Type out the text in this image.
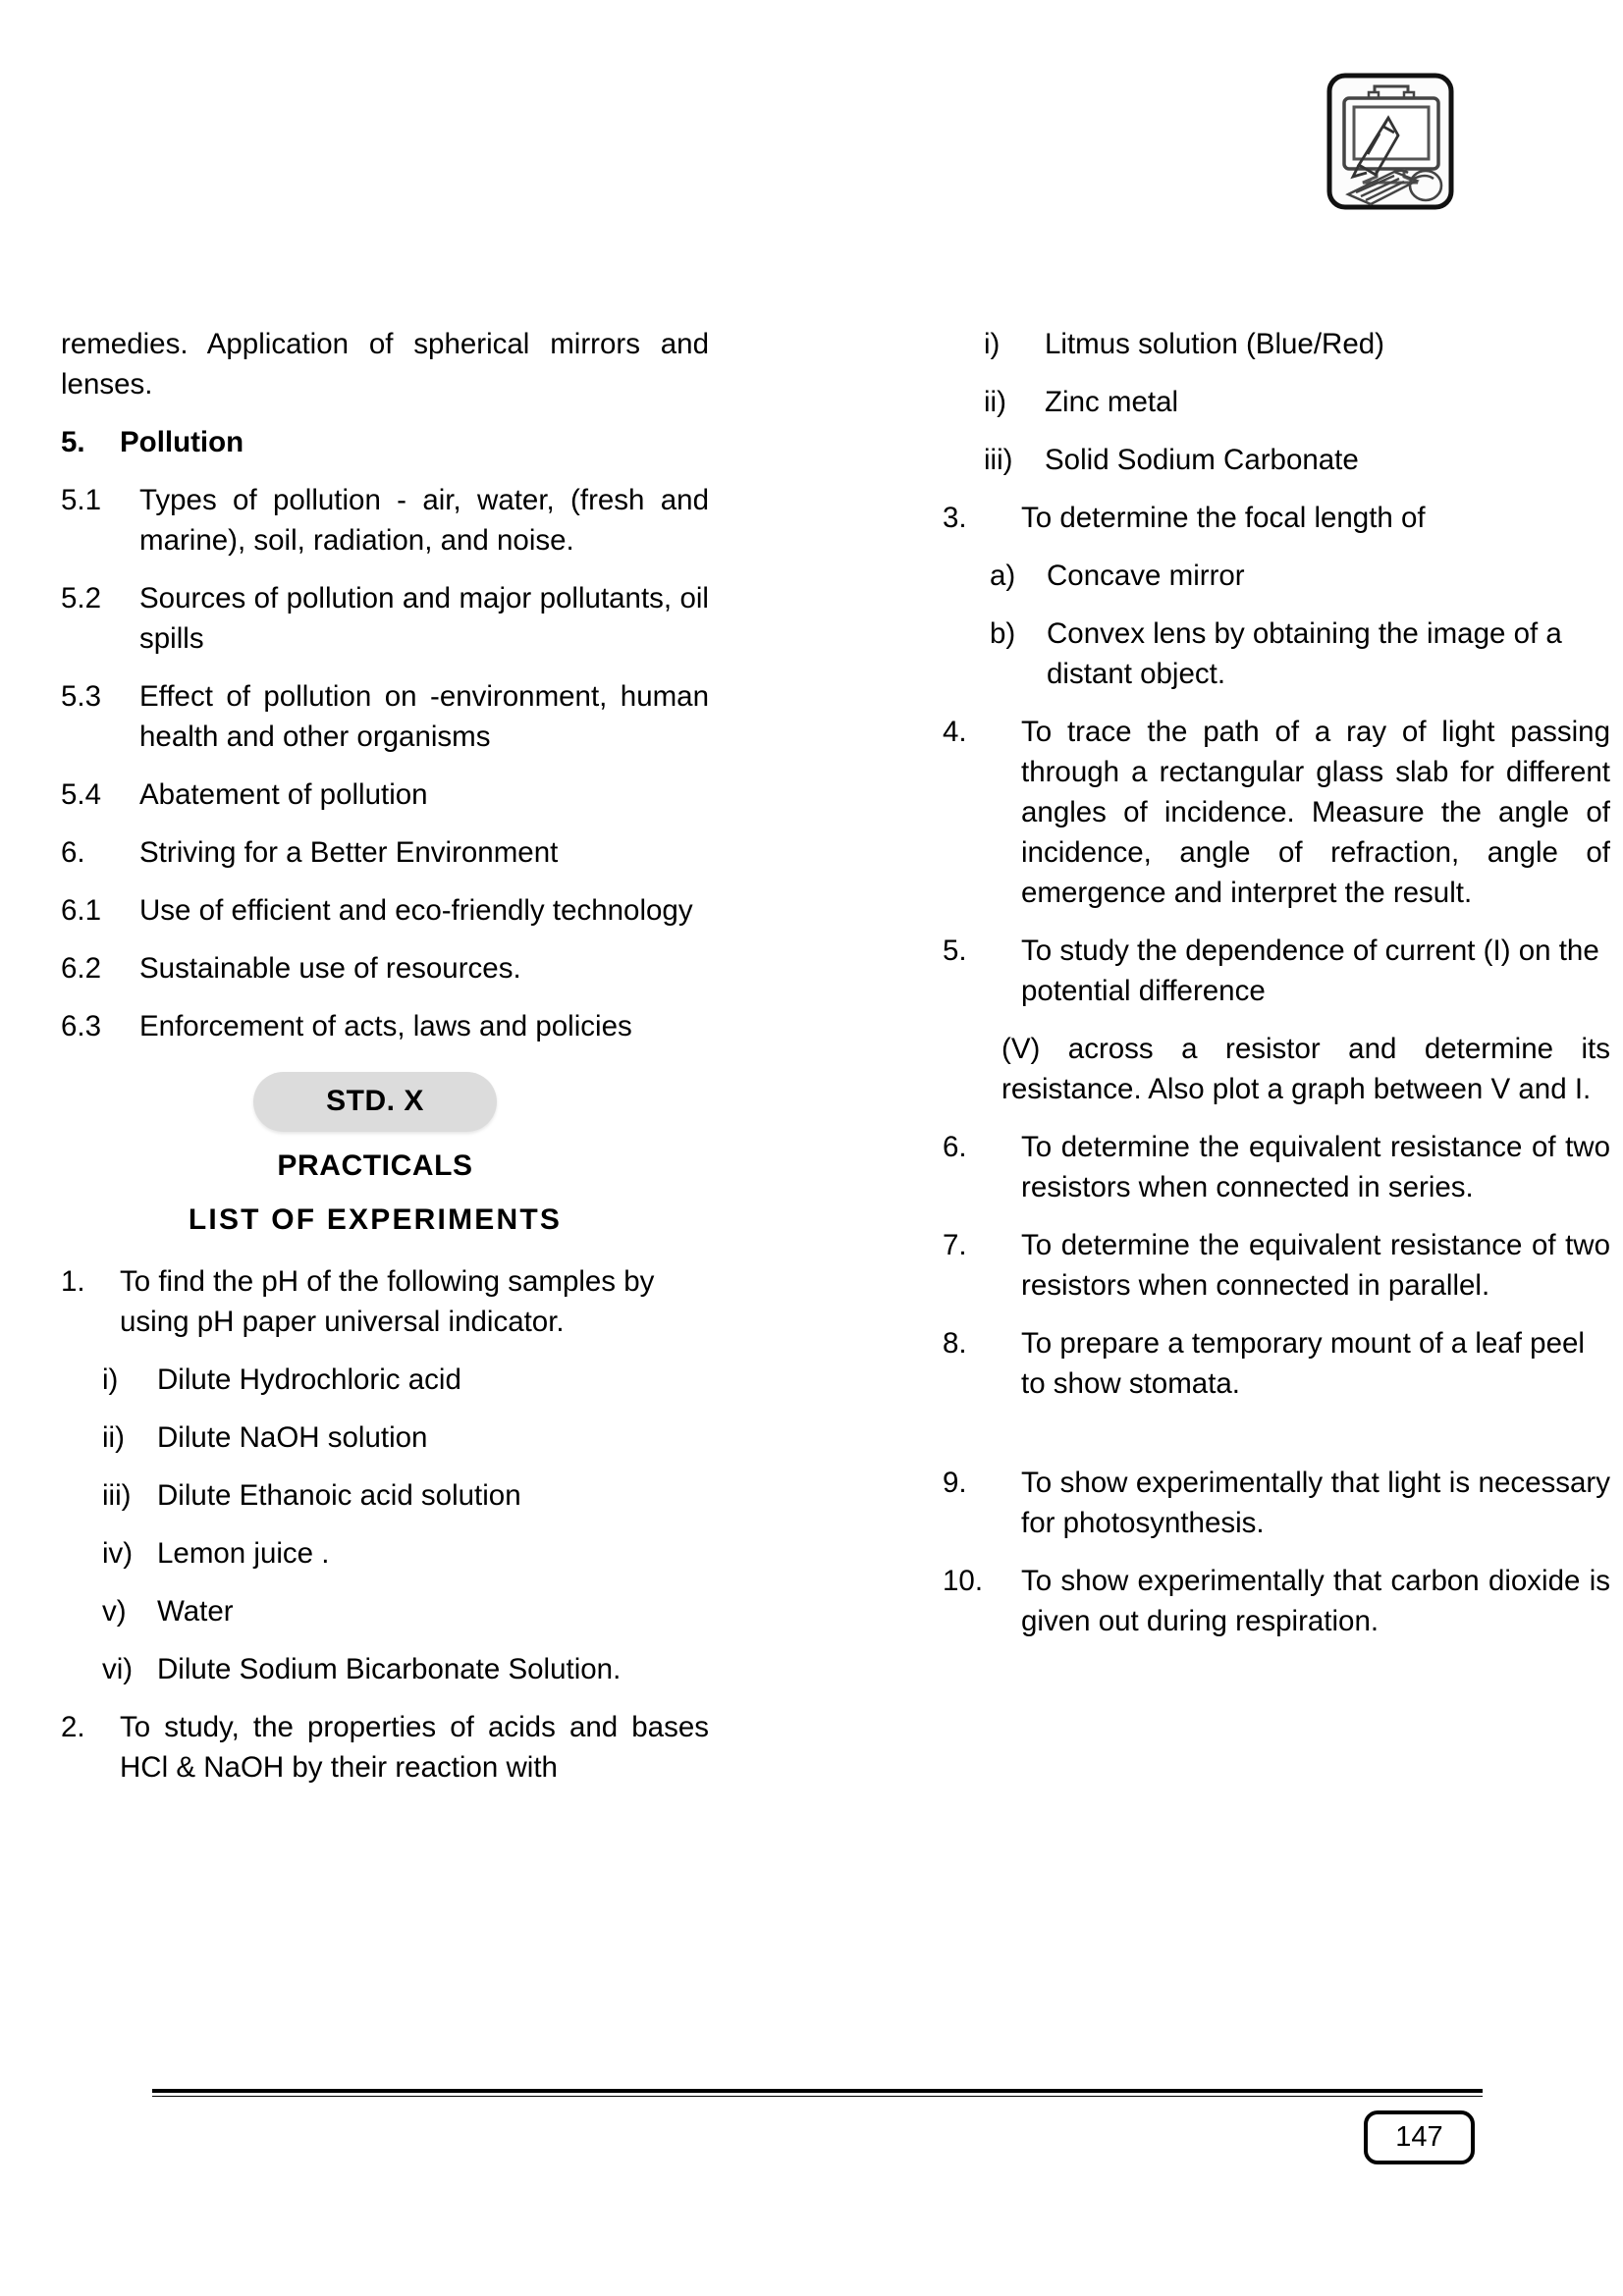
remedies. Application of spherical mirrors and lenses.
5.	Pollution
5.1	Types of pollution - air, water, (fresh and marine), soil, radiation, and noise.
5.2	Sources of pollution and major pollutants, oil spills
5.3	Effect of pollution on -environment, human health and other organisms
5.4	Abatement of pollution
6.	Striving for a Better Environment
6.1	Use of efficient and eco-friendly technology
6.2	Sustainable use of resources.
6.3	Enforcement of acts, laws and policies
STD. X
PRACTICALS
LIST OF EXPERIMENTS
1.	To find the pH of the following samples by using pH paper universal indicator.
i)	Dilute Hydrochloric acid
ii)	Dilute NaOH solution
iii) Dilute Ethanoic acid solution
iv) Lemon juice .
v)	Water
vi) Dilute Sodium Bicarbonate Solution.
2.	To study, the properties of acids and bases HCl & NaOH by their reaction with
i)	Litmus solution (Blue/Red)
ii)	Zinc metal
iii)	Solid Sodium Carbonate
3.	To determine the focal length of
a)	Concave mirror
b)	Convex lens by obtaining the image of a distant object.
4.	To trace the path of a ray of light passing through a rectangular glass slab for different angles of incidence. Measure the angle of incidence, angle of refraction, angle of emergence and interpret the result.
5.	To study the dependence of current (I) on the potential difference
(V) across a resistor and determine its resistance. Also plot a graph between V and I.
6.	To determine the equivalent resistance of two resistors when connected in series.
7.	To determine the equivalent resistance of two resistors when connected in parallel.
8.	To prepare a temporary mount of a leaf peel to show stomata.
9.	To show experimentally that light is necessary for photosynthesis.
10.	To show experimentally that carbon dioxide is given out during respiration.
147
